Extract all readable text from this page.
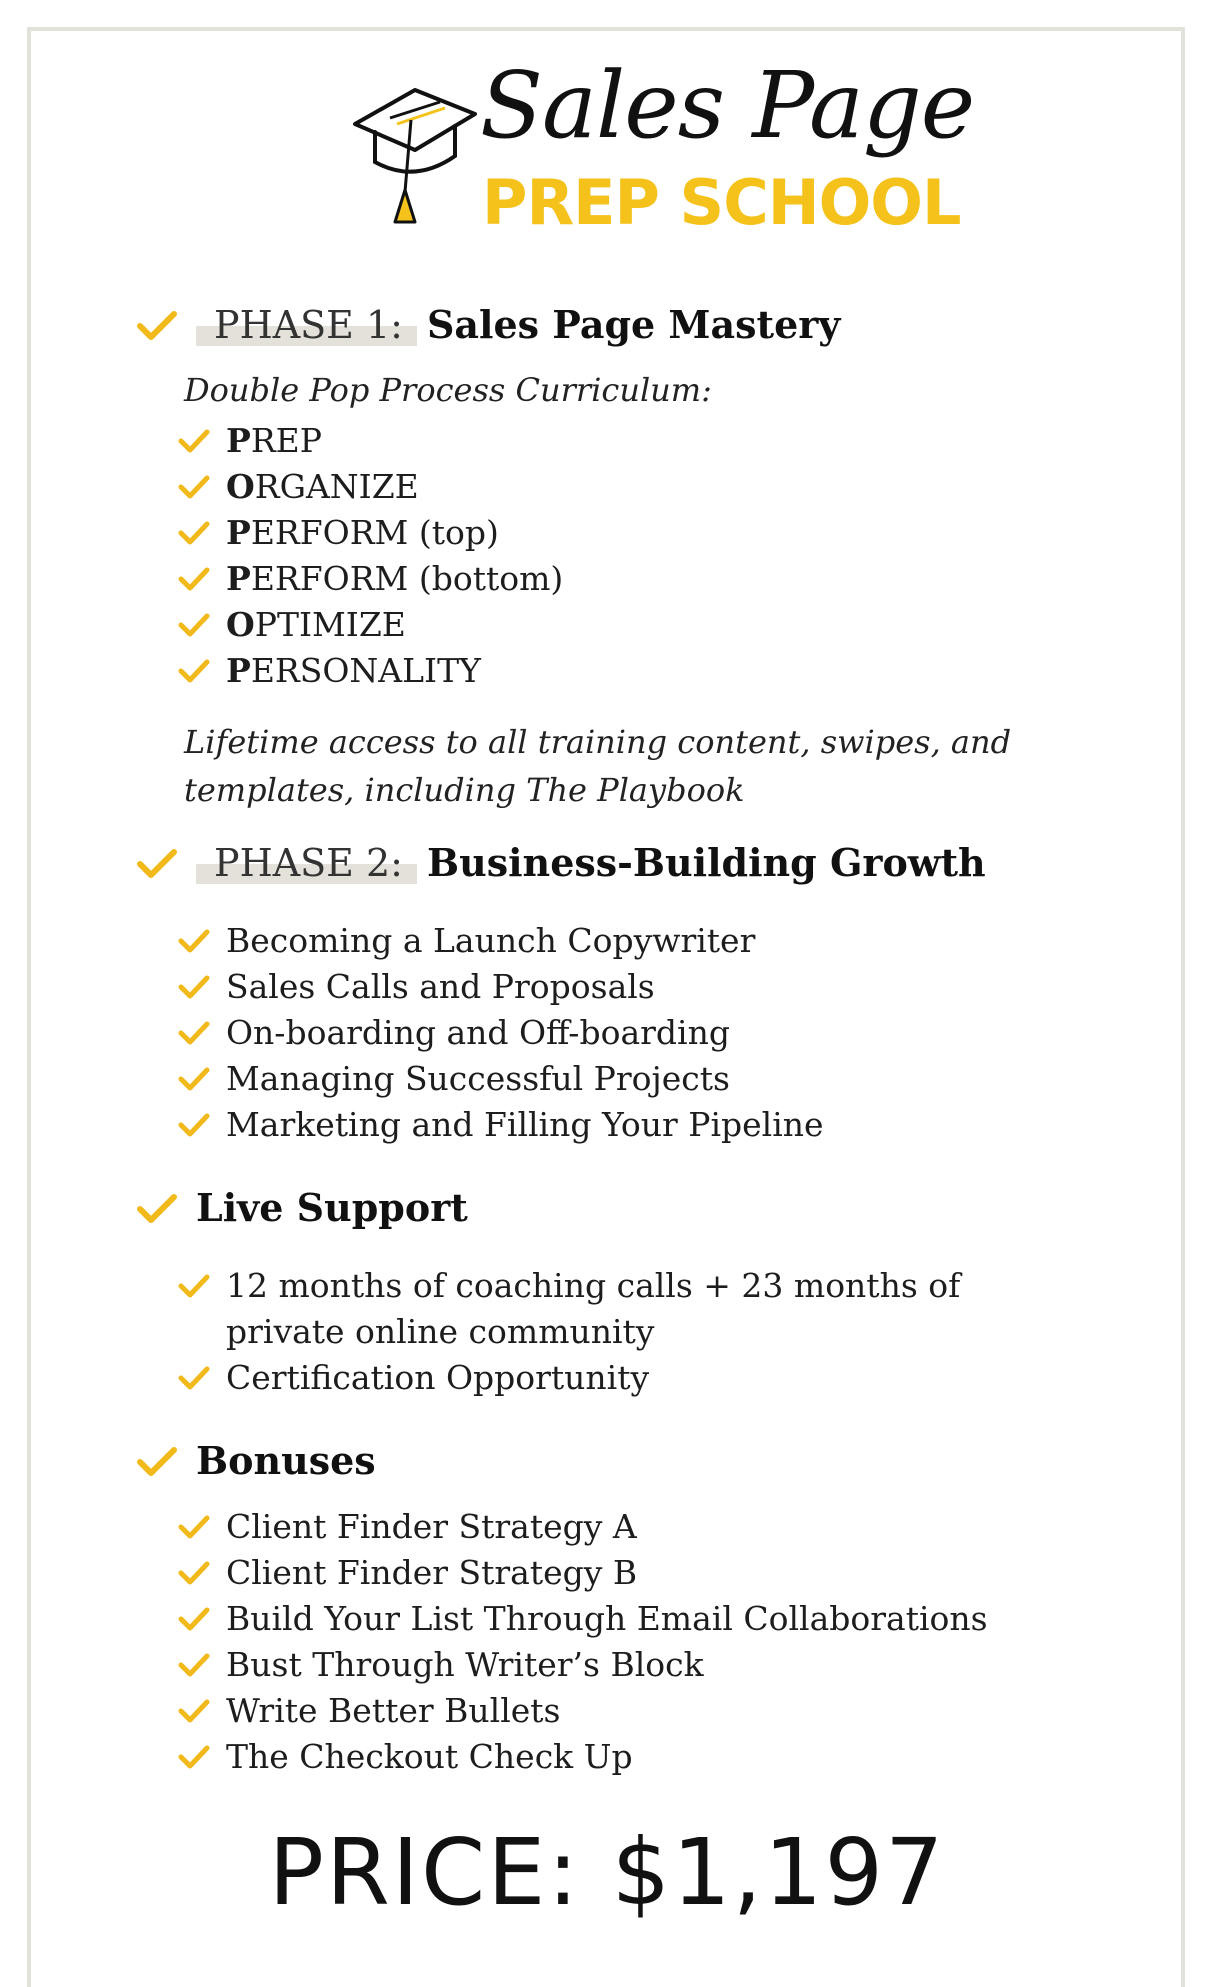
Sales Page
PREP SCHOOL
PHASE 1: Sales Page Mastery
Double Pop Process Curriculum:
PREP
ORGANIZE
PERFORM (top)
PERFORM (bottom)
OPTIMIZE
PERSONALITY
Lifetime access to all training content, swipes, and
templates, including The Playbook
PHASE 2: Business-Building Growth
Becoming a Launch Copywriter
Sales Calls and Proposals
On-boarding and Off-boarding
Managing Successful Projects
Marketing and Filling Your Pipeline
Live Support
12 months of coaching calls + 23 months of private online community
Certification Opportunity
Bonuses
Client Finder Strategy A
Client Finder Strategy B
Build Your List Through Email Collaborations
Bust Through Writer’s Block
Write Better Bullets
The Checkout Check Up
PRICE: $1,197
